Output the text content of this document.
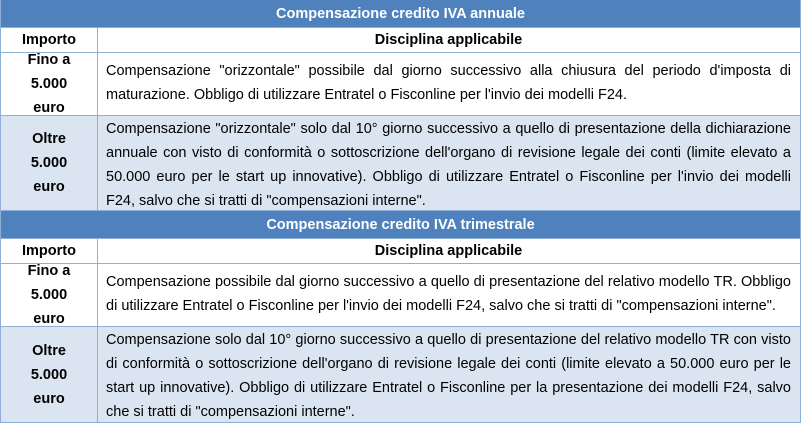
Compensazione credito IVA annuale
Importo	Disciplina applicabile
Fino a
5.000
euro
Compensazione "orizzontale" possibile dal giorno successivo alla chiusura del periodo d'imposta di maturazione. Obbligo di utilizzare Entratel o Fisconline per l'invio dei modelli F24.
Oltre
5.000
euro
Compensazione "orizzontale" solo dal 10° giorno successivo a quello di presentazione della dichiarazione annuale con visto di conformità o sottoscrizione dell'organo di revisione legale dei conti (limite elevato a 50.000 euro per le start up innovative). Obbligo di utilizzare Entratel o Fisconline per l'invio dei modelli F24, salvo che si tratti di "compensazioni interne".
Compensazione credito IVA trimestrale
Importo	Disciplina applicabile
Fino a
5.000
euro
Compensazione possibile dal giorno successivo a quello di presentazione del relativo modello TR. Obbligo di utilizzare Entratel o Fisconline per l'invio dei modelli F24, salvo che si tratti di "compensazioni interne".
Oltre
5.000
euro
Compensazione solo dal 10° giorno successivo a quello di presentazione del relativo modello TR con visto di conformità o sottoscrizione dell'organo di revisione legale dei conti (limite elevato a 50.000 euro per le start up innovative). Obbligo di utilizzare Entratel o Fisconline per la presentazione dei modelli F24, salvo che si tratti di "compensazioni interne".
